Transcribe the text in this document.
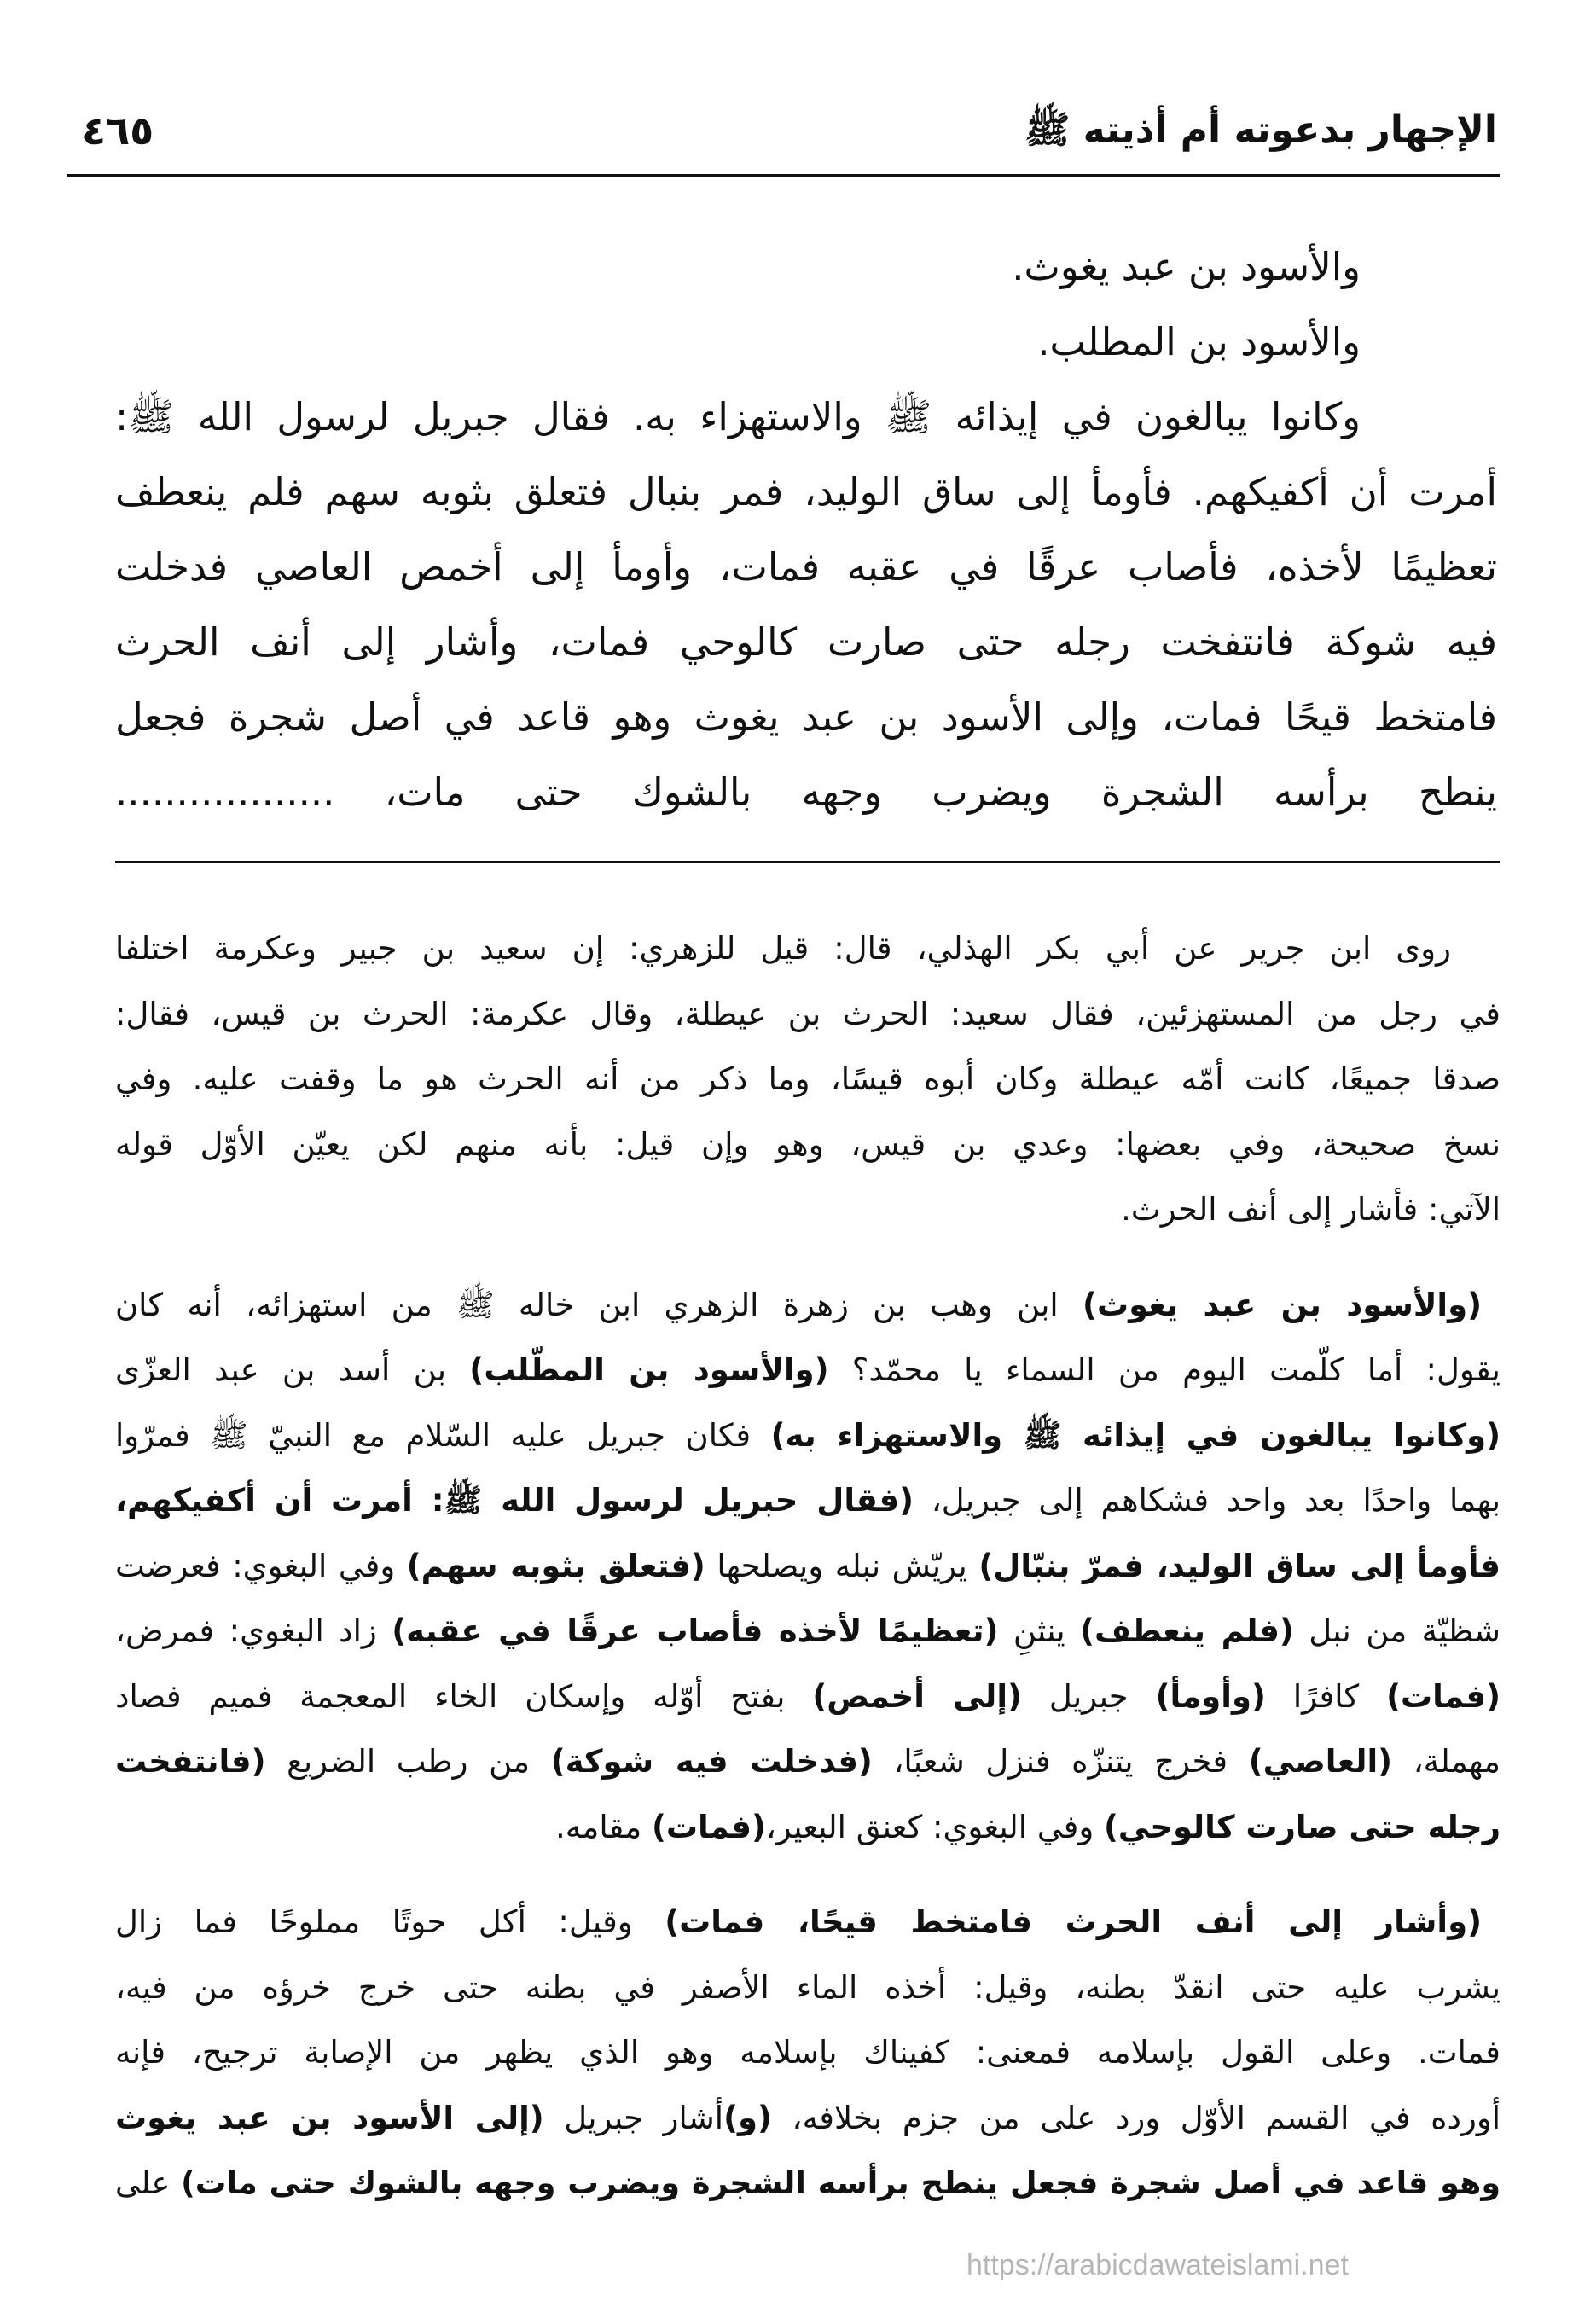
الإجهار بدعوته أم أذيته ﷺ
٤٦٥
والأسود بن عبد يغوث.
والأسود بن المطلب.
وكانوا يبالغون في إيذائه ﷺ والاستهزاء به. فقال جبريل لرسول الله ﷺ:
أمرت أن أكفيكهم. فأومأ إلى ساق الوليد، فمر بنبال فتعلق بثوبه سهم فلم ينعطف
تعظيمًا لأخذه، فأصاب عرقًا في عقبه فمات، وأومأ إلى أخمص العاصي فدخلت
فيه شوكة فانتفخت رجله حتى صارت كالوحي فمات، وأشار إلى أنف الحرث
فامتخط قيحًا فمات، وإلى الأسود بن عبد يغوث وهو قاعد في أصل شجرة فجعل
ينطح برأسه الشجرة ويضرب وجهه بالشوك حتى مات، ..................
روى ابن جرير عن أبي بكر الهذلي، قال: قيل للزهري: إن سعيد بن جبير وعكرمة اختلفا
في رجل من المستهزئين، فقال سعيد: الحرث بن عيطلة، وقال عكرمة: الحرث بن قيس، فقال:
صدقا جميعًا، كانت أمّه عيطلة وكان أبوه قيسًا، وما ذكر من أنه الحرث هو ما وقفت عليه. وفي
نسخ صحيحة، وفي بعضها: وعدي بن قيس، وهو وإن قيل: بأنه منهم لكن يعيّن الأوّل قوله
الآتي: فأشار إلى أنف الحرث.
(والأسود بن عبد يغوث) ابن وهب بن زهرة الزهري ابن خاله ﷺ من استهزائه، أنه كان
يقول: أما كلّمت اليوم من السماء يا محمّد؟ (والأسود بن المطّلب) بن أسد بن عبد العزّى
(وكانوا يبالغون في إيذائه ﷺ والاستهزاء به) فكان جبريل عليه السّلام مع النبيّ ﷺ فمرّوا
بهما واحدًا بعد واحد فشكاهم إلى جبريل، (فقال حبريل لرسول الله ﷺ: أمرت أن أكفيكهم،
فأومأ إلى ساق الوليد، فمرّ بنبّال) يريّش نبله ويصلحها (فتعلق بثوبه سهم) وفي البغوي: فعرضت
شظيّة من نبل (فلم ينعطف) ينثنِ (تعظيمًا لأخذه فأصاب عرقًا في عقبه) زاد البغوي: فمرض،
(فمات) كافرًا (وأومأ) جبريل (إلى أخمص) بفتح أوّله وإسكان الخاء المعجمة فميم فصاد
مهملة، (العاصي) فخرج يتنزّه فنزل شعبًا، (فدخلت فيه شوكة) من رطب الضريع (فانتفخت
رجله حتى صارت كالوحي) وفي البغوي: كعنق البعير،(فمات) مقامه.
(وأشار إلى أنف الحرث فامتخط قيحًا، فمات) وقيل: أكل حوتًا مملوحًا فما زال
يشرب عليه حتى انقدّ بطنه، وقيل: أخذه الماء الأصفر في بطنه حتى خرج خرؤه من فيه،
فمات. وعلى القول بإسلامه فمعنى: كفيناك بإسلامه وهو الذي يظهر من الإصابة ترجيح، فإنه
أورده في القسم الأوّل ورد على من جزم بخلافه، (و)أشار جبريل (إلى الأسود بن عبد يغوث
وهو قاعد في أصل شجرة فجعل ينطح برأسه الشجرة ويضرب وجهه بالشوك حتى مات) على
https://arabicdawateislami.net
